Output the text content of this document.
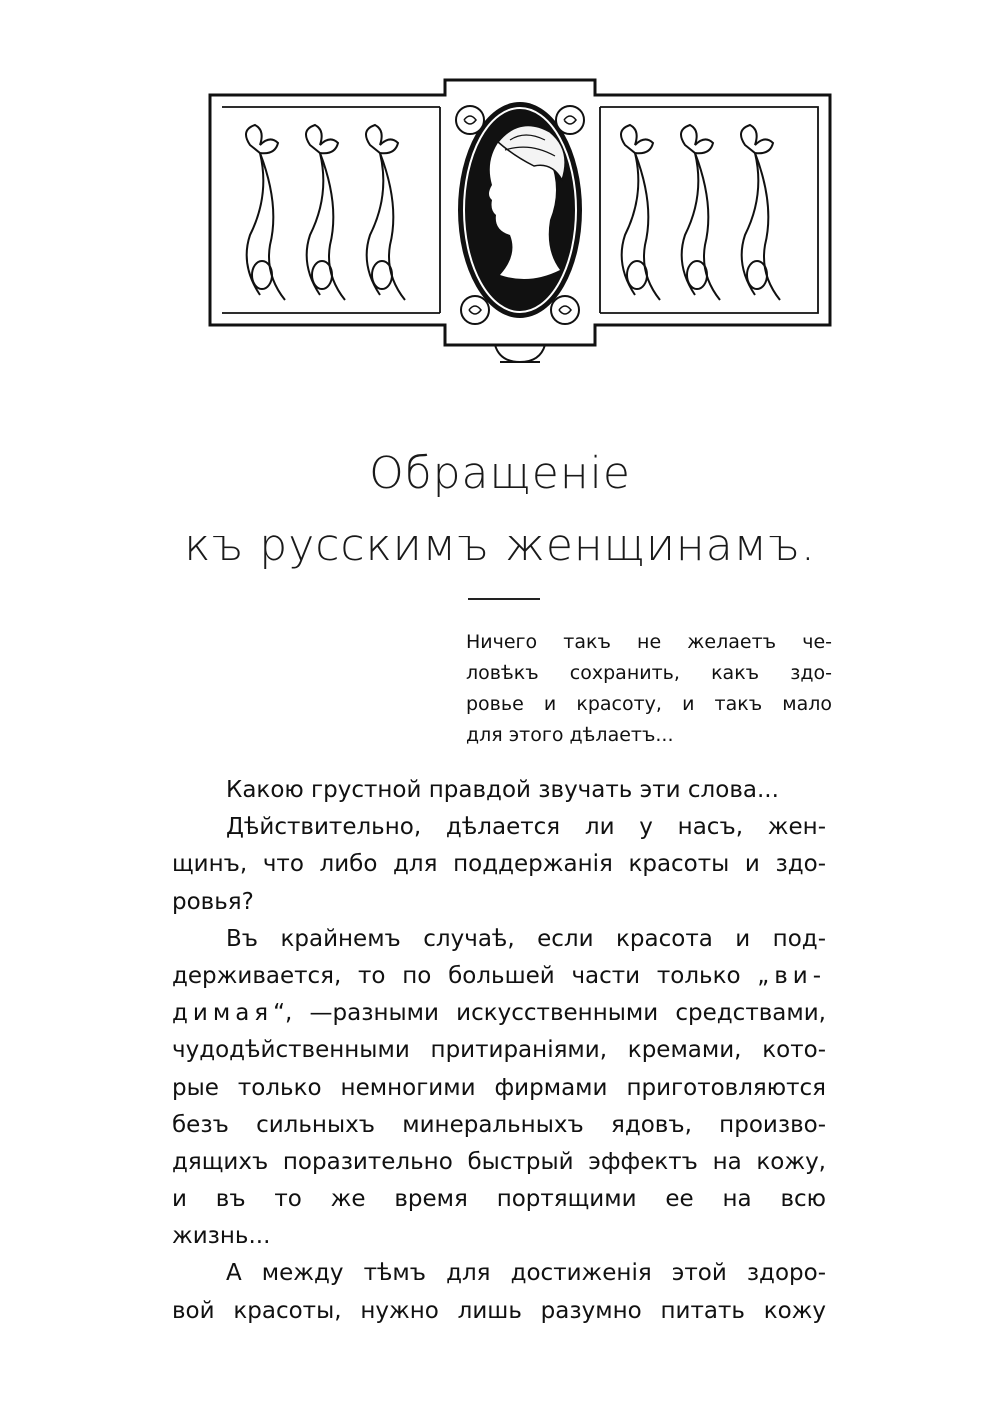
Обращеніе
къ русскимъ женщинамъ.
Ничего такъ не желаетъ че-
ловѣкъ сохранить, какъ здо-
ровье и красоту, и такъ мало
для этого дѣлаетъ...
Какою грустной правдой звучать эти слова...
Дѣйствительно, дѣлается ли у насъ, жен-
щинъ, что либо для поддержанія красоты и здо-
ровья?
Въ крайнемъ случаѣ, если красота и под-
держивается, то по большей части только „ви-
димая“, —разными искусственными средствами,
чудодѣйственными притираніями, кремами, кото-
рые только немногими фирмами приготовляются
безъ сильныхъ минеральныхъ ядовъ, произво-
дящихъ поразительно быстрый эффектъ на кожу,
и въ то же время портящими ее на всю
жизнь...
А между тѣмъ для достиженія этой здоро-
вой красоты, нужно лишь разумно питать кожу
